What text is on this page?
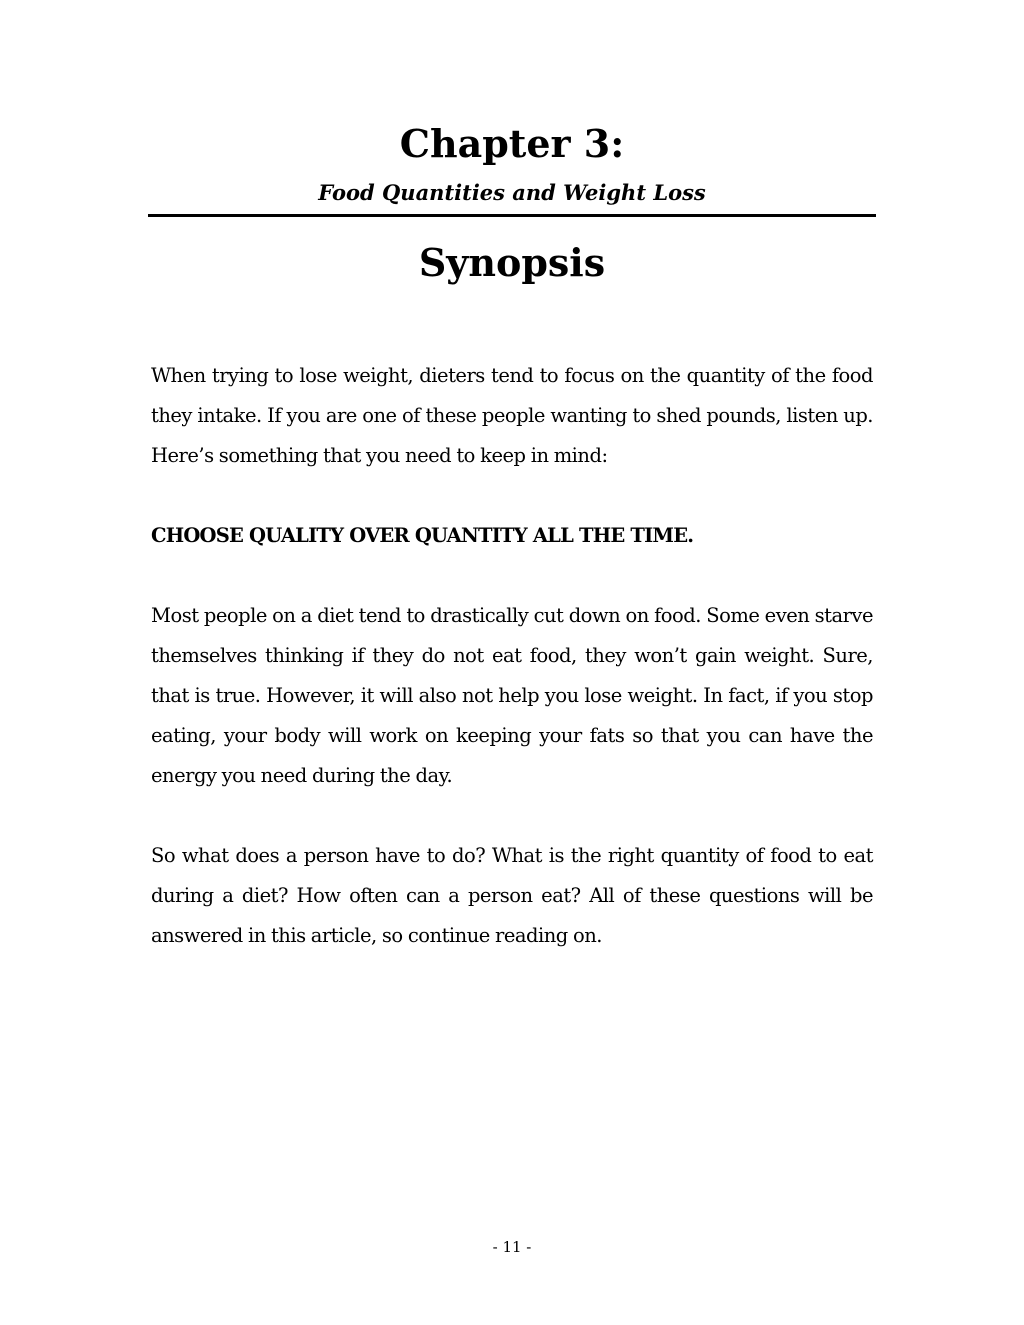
Chapter 3:

Food Quantities and Weight Loss

Synopsis

When trying to lose weight, dieters tend to focus on the quantity of the food they intake. If you are one of these people wanting to shed pounds, listen up. Here’s something that you need to keep in mind:

CHOOSE QUALITY OVER QUANTITY ALL THE TIME.

Most people on a diet tend to drastically cut down on food. Some even starve themselves thinking if they do not eat food, they won’t gain weight. Sure, that is true. However, it will also not help you lose weight. In fact, if you stop eating, your body will work on keeping your fats so that you can have the energy you need during the day.

So what does a person have to do? What is the right quantity of food to eat during a diet? How often can a person eat? All of these questions will be answered in this article, so continue reading on.

- 11 -
